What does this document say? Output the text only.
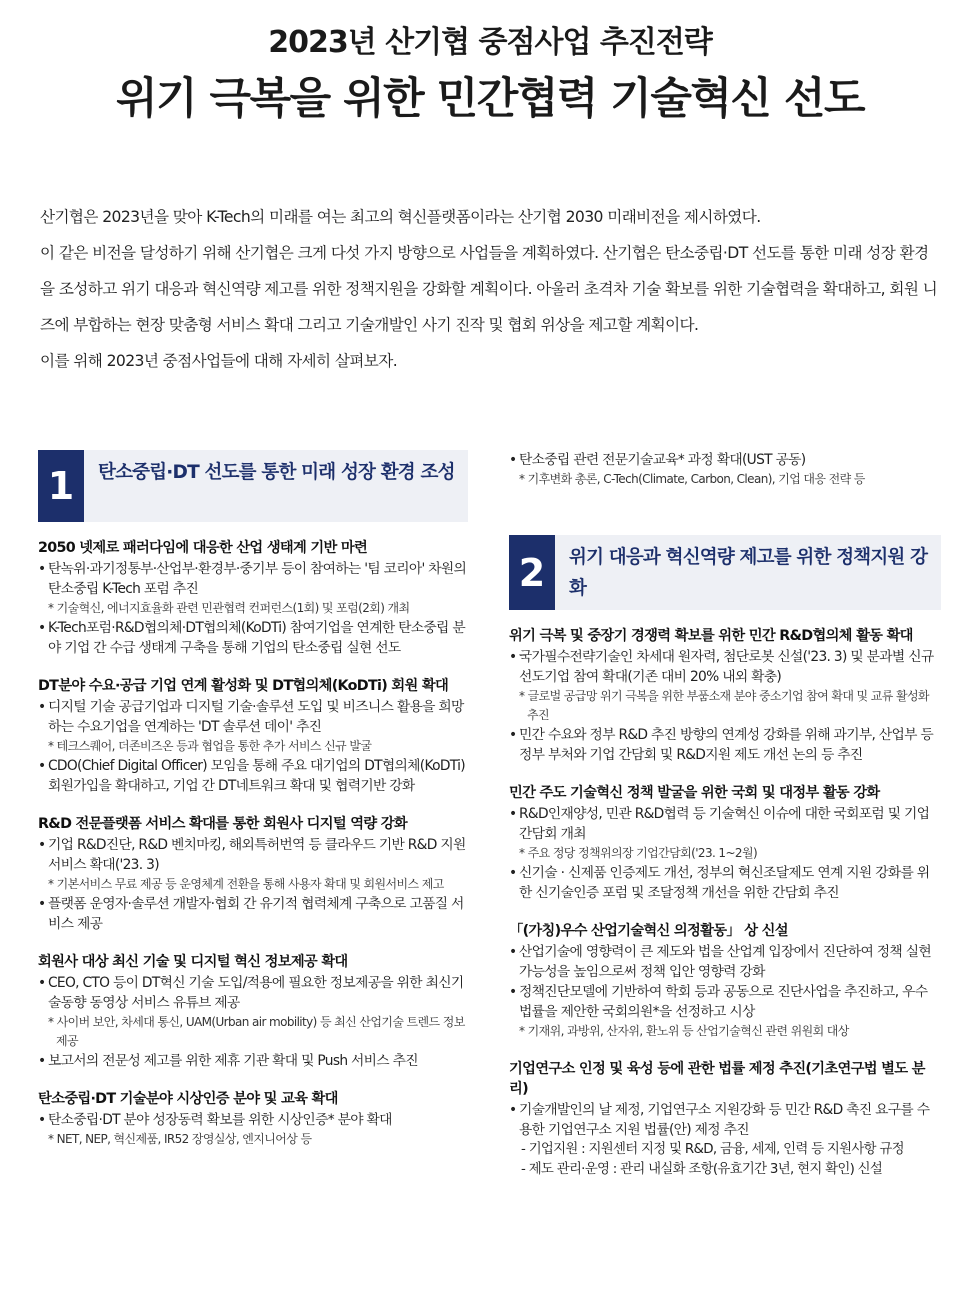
2023년 산기협 중점사업 추진전략
위기 극복을 위한 민간협력 기술혁신 선도

산기협은 2023년을 맞아 K-Tech의 미래를 여는 최고의 혁신플랫폼이라는 산기협 2030 미래비전을 제시하였다.

이 같은 비전을 달성하기 위해 산기협은 크게 다섯 가지 방향으로 사업들을 계획하였다. 산기협은 탄소중립·DT 선도를 통한 미래 성장 환경을 조성하고 위기 대응과 혁신역량 제고를 위한 정책지원을 강화할 계획이다. 아울러 초격차 기술 확보를 위한 기술협력을 확대하고, 회원 니즈에 부합하는 현장 맞춤형 서비스 확대 그리고 기술개발인 사기 진작 및 협회 위상을 제고할 계획이다.

이를 위해 2023년 중점사업들에 대해 자세히 살펴보자.

1	탄소중립·DT 선도를 통한 미래 성장 환경 조성
2050 넷제로 패러다임에 대응한 산업 생태계 기반 마련
• 탄녹위·과기정통부·산업부·환경부·중기부 등이 참여하는 '팀 코리아' 차원의 탄소중립 K-Tech 포럼 추진
* 기술혁신, 에너지효율화 관련 민관협력 컨퍼런스(1회) 및 포럼(2회) 개최
• K-Tech포럼·R&D협의체·DT협의체(KoDTi) 참여기업을 연계한 탄소중립 분야 기업 간 수급 생태계 구축을 통해 기업의 탄소중립 실현 선도
DT분야 수요·공급 기업 연계 활성화 및 DT협의체(KoDTi) 회원 확대
• 디지털 기술 공급기업과 디지털 기술·솔루션 도입 및 비즈니스 활용을 희망하는 수요기업을 연계하는 'DT 솔루션 데이' 추진
* 테크스퀘어, 더존비즈온 등과 협업을 통한 추가 서비스 신규 발굴
• CDO(Chief Digital Officer) 모임을 통해 주요 대기업의 DT협의체(KoDTi) 회원가입을 확대하고, 기업 간 DT네트워크 확대 및 협력기반 강화
R&D 전문플랫폼 서비스 확대를 통한 회원사 디지털 역량 강화
• 기업 R&D진단, R&D 벤치마킹, 해외특허번역 등 클라우드 기반 R&D 지원 서비스 확대('23. 3)
* 기본서비스 무료 제공 등 운영체계 전환을 통해 사용자 확대 및 회원서비스 제고
• 플랫폼 운영자·솔루션 개발자·협회 간 유기적 협력체계 구축으로 고품질 서비스 제공
회원사 대상 최신 기술 및 디지털 혁신 정보제공 확대
• CEO, CTO 등이 DT혁신 기술 도입/적용에 필요한 정보제공을 위한 최신기술동향 동영상 서비스 유튜브 제공
* 사이버 보안, 차세대 통신, UAM(Urban air mobility) 등 최신 산업기술 트렌드 정보제공
• 보고서의 전문성 제고를 위한 제휴 기관 확대 및 Push 서비스 추진
탄소중립·DT 기술분야 시상인증 분야 및 교육 확대
• 탄소중립·DT 분야 성장동력 확보를 위한 시상인증* 분야 확대
* NET, NEP, 혁신제품, IR52 장영실상, 엔지니어상 등
• 탄소중립 관련 전문기술교육* 과정 확대(UST 공동)
* 기후변화 총론, C-Tech(Climate, Carbon, Clean), 기업 대응 전략 등
2	위기 대응과 혁신역량 제고를 위한 정책지원 강화
위기 극복 및 중장기 경쟁력 확보를 위한 민간 R&D협의체 활동 확대
• 국가필수전략기술인 차세대 원자력, 첨단로봇 신설('23. 3) 및 분과별 신규 선도기업 참여 확대(기존 대비 20% 내외 확충)
* 글로벌 공급망 위기 극복을 위한 부품소재 분야 중소기업 참여 확대 및 교류 활성화 추진
• 민간 수요와 정부 R&D 추진 방향의 연계성 강화를 위해 과기부, 산업부 등 정부 부처와 기업 간담회 및 R&D지원 제도 개선 논의 등 추진
민간 주도 기술혁신 정책 발굴을 위한 국회 및 대정부 활동 강화
• R&D인재양성, 민관 R&D협력 등 기술혁신 이슈에 대한 국회포럼 및 기업간담회 개최
* 주요 정당 정책위의장 기업간담회('23. 1~2월)
• 신기술 · 신제품 인증제도 개선, 정부의 혁신조달제도 연계 지원 강화를 위한 신기술인증 포럼 및 조달정책 개선을 위한 간담회 추진
「(가칭)우수 산업기술혁신 의정활동」 상 신설
• 산업기술에 영향력이 큰 제도와 법을 산업계 입장에서 진단하여 정책 실현 가능성을 높임으로써 정책 입안 영향력 강화
• 정책진단모델에 기반하여 학회 등과 공동으로 진단사업을 추진하고, 우수 법률을 제안한 국회의원*을 선정하고 시상
* 기재위, 과방위, 산자위, 환노위 등 산업기술혁신 관련 위원회 대상
기업연구소 인정 및 육성 등에 관한 법률 제정 추진(기초연구법 별도 분리)
• 기술개발인의 날 제정, 기업연구소 지원강화 등 민간 R&D 촉진 요구를 수용한 기업연구소 지원 법률(안) 제정 추진
- 기업지원 : 지원센터 지정 및 R&D, 금융, 세제, 인력 등 지원사항 규정
- 제도 관리·운영 : 관리 내실화 조항(유효기간 3년, 현지 확인) 신설
